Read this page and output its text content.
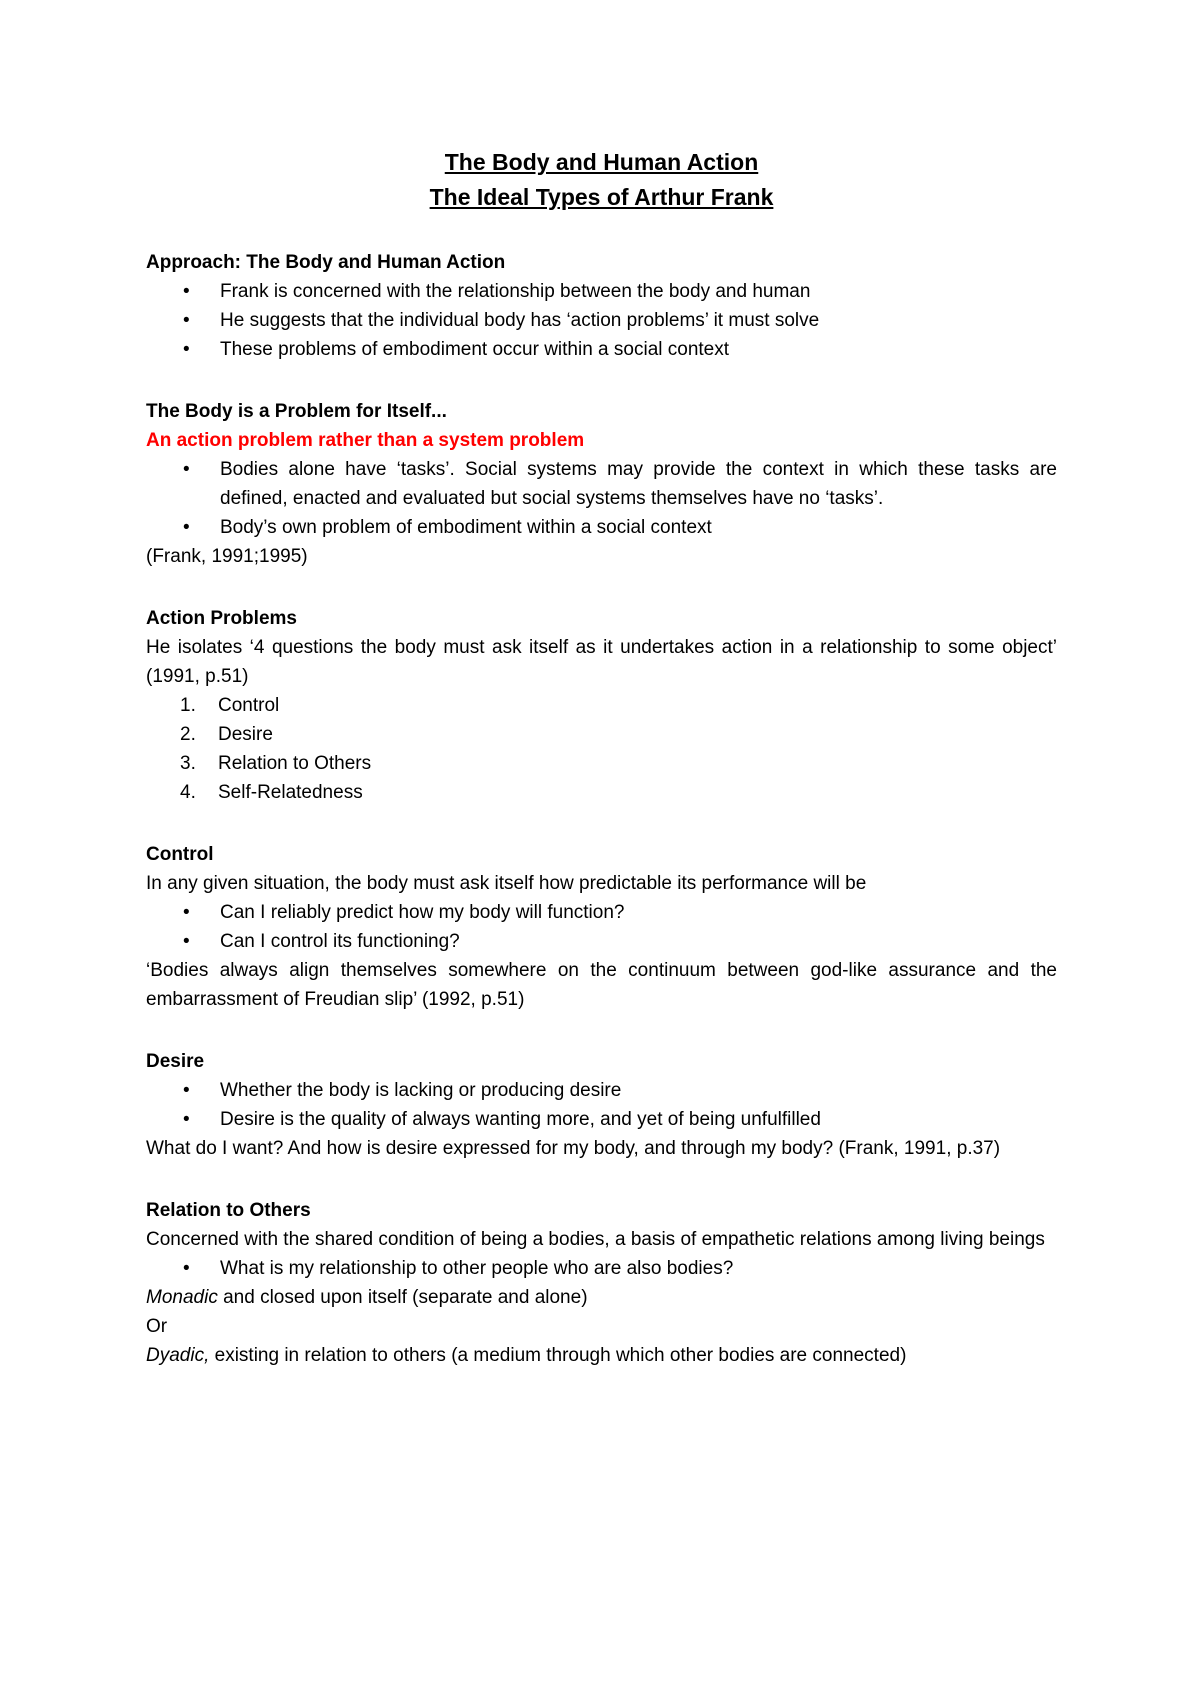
The Body and Human Action
The Ideal Types of Arthur Frank
Approach: The Body and Human Action
• Frank is concerned with the relationship between the body and human
• He suggests that the individual body has ‘action problems’ it must solve
• These problems of embodiment occur within a social context
The Body is a Problem for Itself...
An action problem rather than a system problem
• Bodies alone have ‘tasks’. Social systems may provide the context in which these tasks are defined, enacted and evaluated but social systems themselves have no ‘tasks’.
• Body’s own problem of embodiment within a social context
(Frank, 1991;1995)
Action Problems
He isolates ‘4 questions the body must ask itself as it undertakes action in a relationship to some object’ (1991, p.51)
1. Control
2. Desire
3. Relation to Others
4. Self-Relatedness
Control
In any given situation, the body must ask itself how predictable its performance will be
• Can I reliably predict how my body will function?
• Can I control its functioning?
‘Bodies always align themselves somewhere on the continuum between god-like assurance and the embarrassment of Freudian slip’ (1992, p.51)
Desire
• Whether the body is lacking or producing desire
• Desire is the quality of always wanting more, and yet of being unfulfilled
What do I want? And how is desire expressed for my body, and through my body? (Frank, 1991, p.37)
Relation to Others
Concerned with the shared condition of being a bodies, a basis of empathetic relations among living beings
• What is my relationship to other people who are also bodies?
Monadic and closed upon itself (separate and alone)
Or
Dyadic, existing in relation to others (a medium through which other bodies are connected)
